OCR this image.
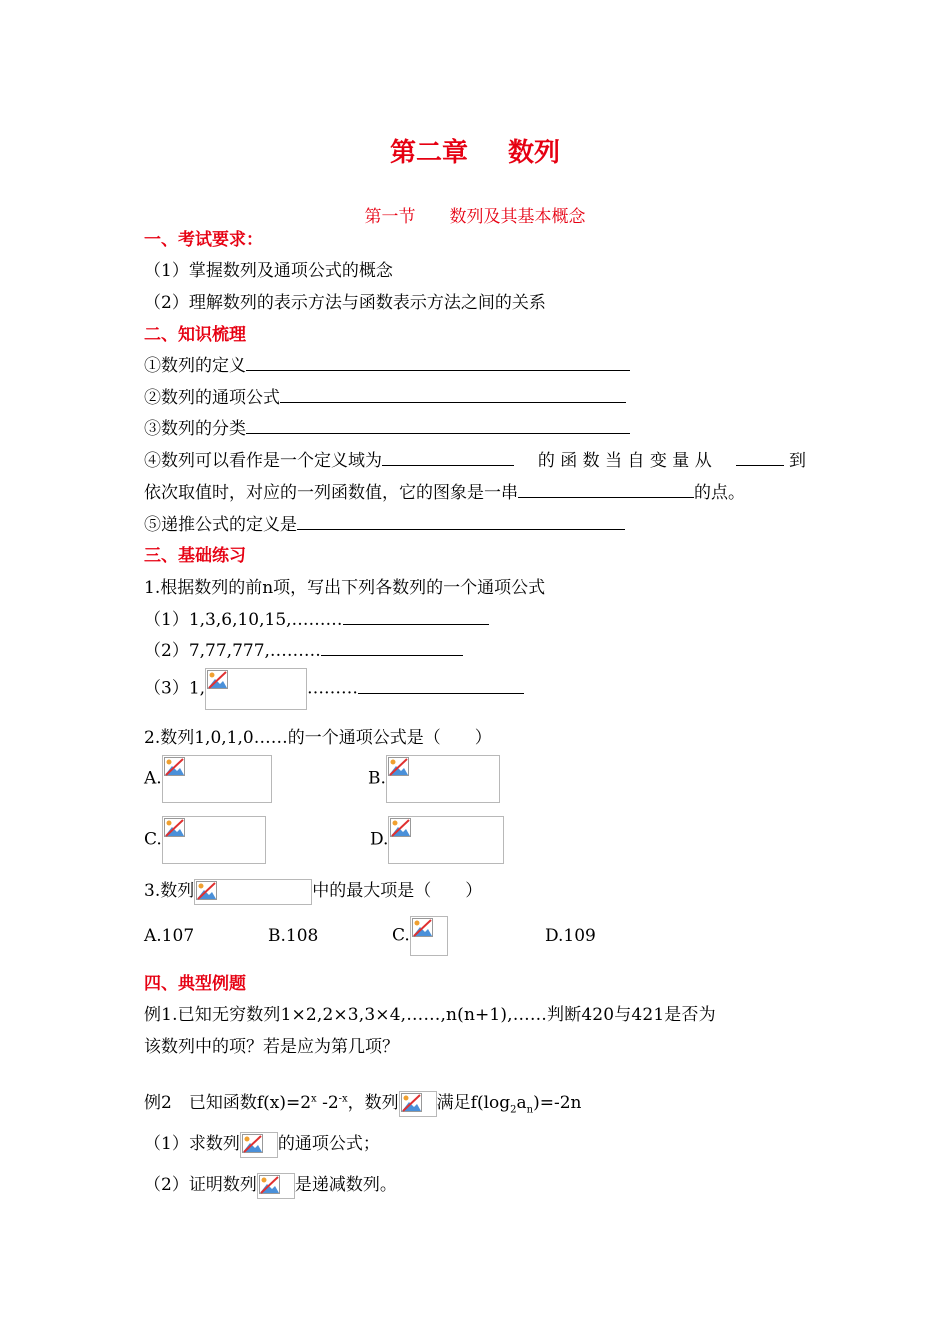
第二章 数列
第一节 数列及其基本概念
一、考试要求：
（1）掌握数列及通项公式的概念
（2）理解数列的表示方法与函数表示方法之间的关系
二、知识梳理
①数列的定义
②数列的通项公式
③数列的分类
④数列可以看作是一个定义域为	的 函 数 当 自 变 量 从	到
依次取值时，对应的一列函数值，它的图象是一串	的点。
⑤递推公式的定义是
三、基础练习
1.根据数列的前n项，写出下列各数列的一个通项公式
（1）1,3,6,10,15,………
（2）7,77,777,………
（3）1,	………
2.数列1,0,1,0……的一个通项公式是（　　）
A.	B.
C.	D.
3.数列	中的最大项是（　　）
A.107	B.108	C.	D.109
四、典型例题
例1.已知无穷数列1×2,2×3,3×4,……,n(n+1),……判断420与421是否为
该数列中的项？若是应为第几项？
例2　已知函数$f(x)=2^x$ $-2^{-x}$，数列 满足$f(\log_2a_n)=-2n$
（1）求数列 的通项公式；
（2）证明数列 是递减数列。
